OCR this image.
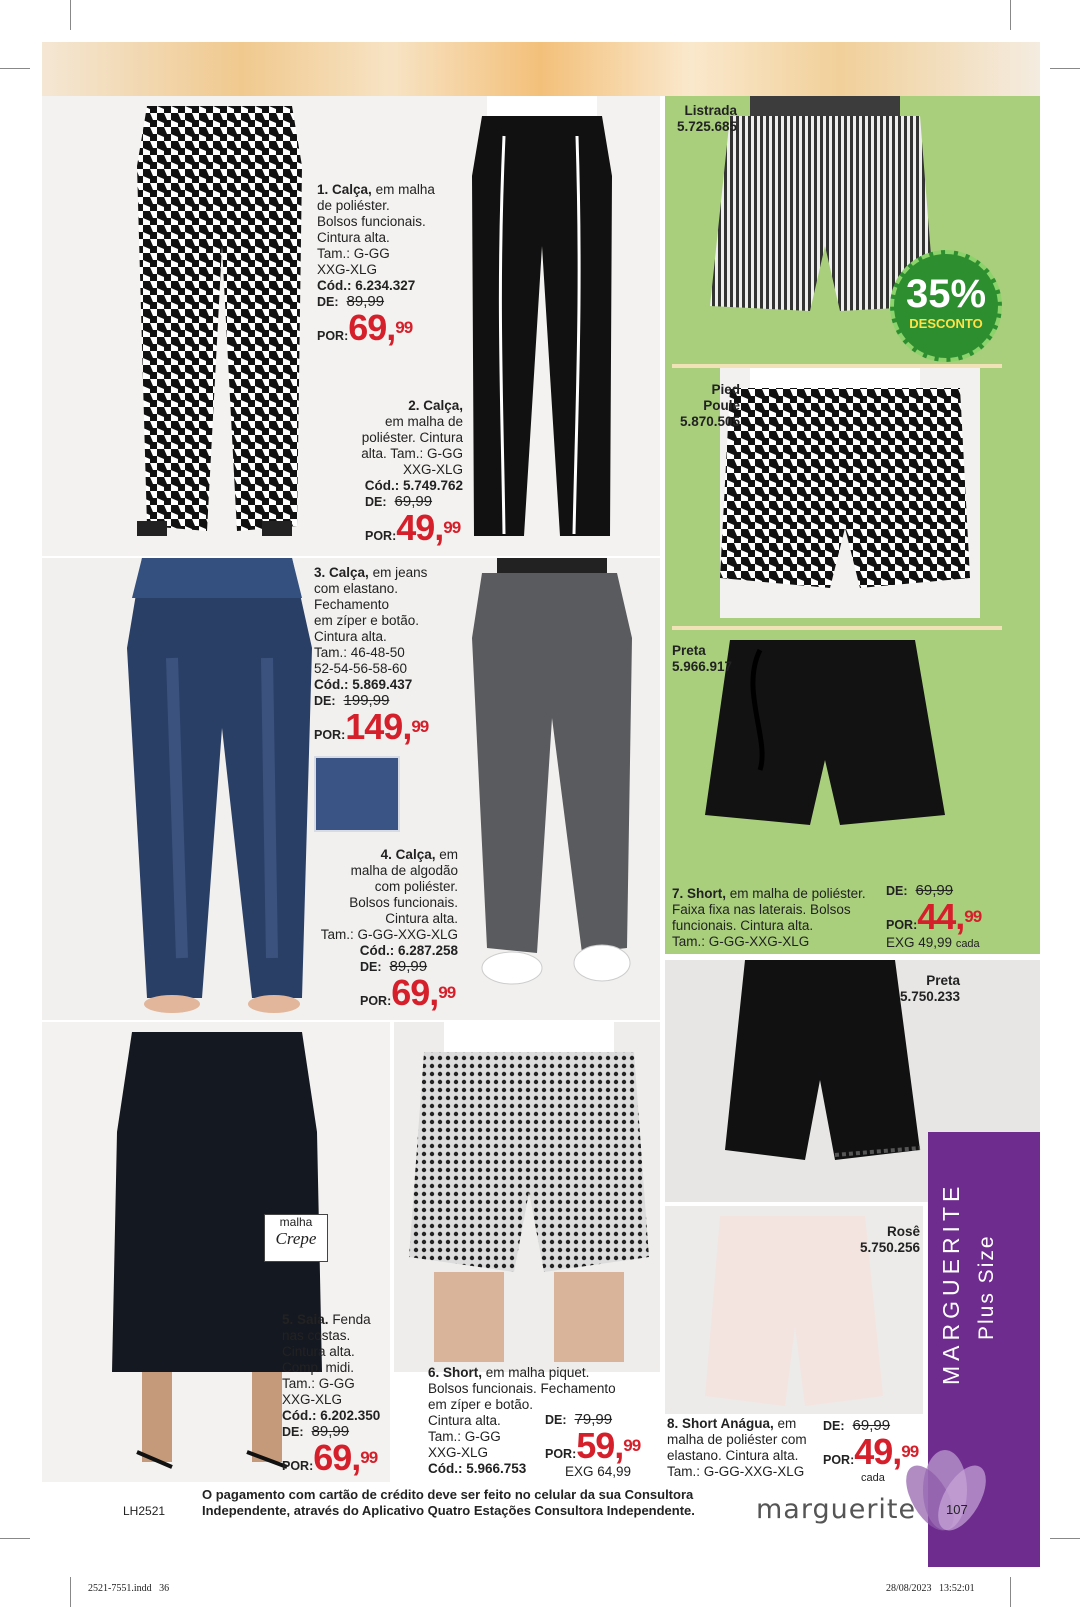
malha
Crepe
35%
DESCONTO
MARGUERITE Plus Size
1. Calça, em malha
de poliéster.
Bolsos funcionais.
Cintura alta.
Tam.: G-GG
XXG-XLG
Cód.: 6.234.327
DE: 89,99
POR:69,99
2. Calça,
em malha de
poliéster. Cintura
alta. Tam.: G-GG
XXG-XLG
Cód.: 5.749.762
DE: 69,99
POR:49,99
3. Calça, em jeans
com elastano.
Fechamento
em zíper e botão.
Cintura alta.
Tam.: 46-48-50
52-54-56-58-60
Cód.: 5.869.437
DE: 199,99
POR:149,99
4. Calça, em
malha de algodão
com poliéster.
Bolsos funcionais.
Cintura alta.
Tam.: G-GG-XXG-XLG
Cód.: 6.287.258
DE: 89,99
POR:69,99
5. Saia. Fenda
nas costas.
Cintura alta.
Comp. midi.
Tam.: G-GG
XXG-XLG
Cód.: 6.202.350
DE: 89,99
POR:69,99
6. Short, em malha piquet.
Bolsos funcionais. Fechamento
em zíper e botão.
Cintura alta.
Tam.: G-GG
XXG-XLG
Cód.: 5.966.753
DE: 79,99
POR:59,99
EXG 64,99
Listrada
5.725.685
Pied
Poule
5.870.505
Preta
5.966.917
7. Short, em malha de poliéster.
Faixa fixa nas laterais. Bolsos
funcionais. Cintura alta.
Tam.: G-GG-XXG-XLG
DE: 69,99
POR:44,99
EXG 49,99 cada
Preta
5.750.233
Rosê
5.750.256
8. Short Anágua, em
malha de poliéster com
elastano. Cintura alta.
Tam.: G-GG-XXG-XLG
DE: 69,99
POR:49,99
cada
LH2521
O pagamento com cartão de crédito deve ser feito no celular da sua Consultora
Independente, através do Aplicativo Quatro Estações Consultora Independente.	marguerite 107
2521-7551.indd   36	28/08/2023   13:52:01
